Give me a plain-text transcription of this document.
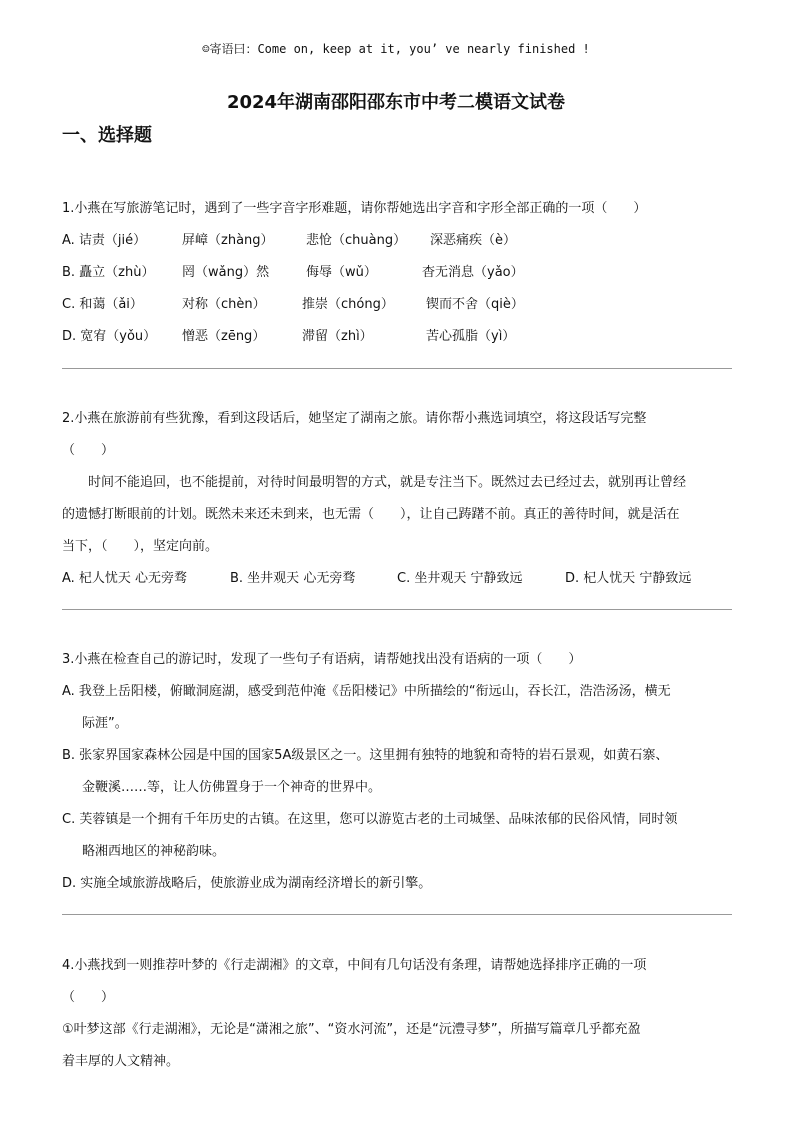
☺寄语曰：Come on, keep at it, you’ ve nearly finished !
2024年湖南邵阳邵东市中考二模语文试卷
一、选择题
1.小燕在写旅游笔记时，遇到了一些字音字形难题，请你帮她选出字音和字形全部正确的一项（　　）
A. 诘责（jié）	屏嶂（zhàng） 悲怆（chuàng） 深恶痛疾（è）
B. 矗立（zhù） 罔（wǎng）然	侮辱（wǔ）	杳无消息（yǎo）
C. 和蔼（ǎi）	对称（chèn）	推崇（chóng） 锲而不舍（qiè）
D. 宽宥（yǒu） 憎恶（zēng）	滞留（zhì）	苦心孤脂（yì）
2.小燕在旅游前有些犹豫，看到这段话后，她坚定了湖南之旅。请你帮小燕选词填空，将这段话写完整
（　　）
时间不能追回，也不能提前，对待时间最明智的方式，就是专注当下。既然过去已经过去，就别再让曾经
的遗憾打断眼前的计划。既然未来还未到来，也无需（　　），让自己踌躇不前。真正的善待时间，就是活在
当下，（　　），坚定向前。
A. 杞人忧天 心无旁骛	B. 坐井观天 心无旁骛	C. 坐井观天 宁静致远	D. 杞人忧天 宁静致远
3.小燕在检查自己的游记时，发现了一些句子有语病，请帮她找出没有语病的一项（　　）
A. 我登上岳阳楼，俯瞰洞庭湖，感受到范仲淹《岳阳楼记》中所描绘的“衔远山，吞长江，浩浩汤汤，横无
际涯”。
B. 张家界国家森林公园是中国的国家5A级景区之一。这里拥有独特的地貌和奇特的岩石景观，如黄石寨、
金鞭溪……等，让人仿佛置身于一个神奇的世界中。
C. 芙蓉镇是一个拥有千年历史的古镇。在这里，您可以游览古老的土司城堡、品味浓郁的民俗风情，同时领
略湘西地区的神秘韵味。
D. 实施全域旅游战略后，使旅游业成为湖南经济增长的新引擎。
4.小燕找到一则推荐叶梦的《行走湖湘》的文章，中间有几句话没有条理，请帮她选择排序正确的一项
（　　）
①叶梦这部《行走湖湘》，无论是“潇湘之旅”、“资水河流”，还是“沅澧寻梦”，所描写篇章几乎都充盈
着丰厚的人文精神。
